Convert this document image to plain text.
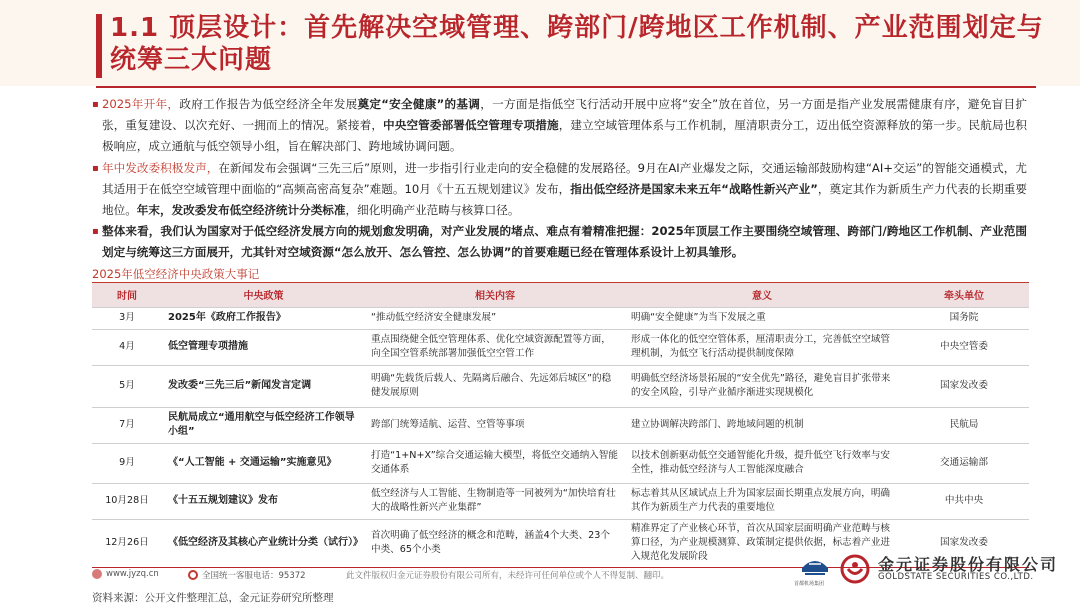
1.1 顶层设计：首先解决空域管理、跨部门/跨地区工作机制、产业范围划定与统筹三大问题

▪ 2025年开年，政府工作报告为低空经济全年发展奠定“安全健康”的基调，一方面是指低空飞行活动开展中应将“安全”放在首位，另一方面是指产业发展需健康有序，避免盲目扩张，重复建设、以次充好、一拥而上的情况。紧接着，中央空管委部署低空管理专项措施，建立空域管理体系与工作机制，厘清职责分工，迈出低空资源释放的第一步。民航局也积极响应，成立通航与低空领导小组，旨在解决部门、跨地域协调问题。

▪ 年中发改委积极发声，在新闻发布会强调“三先三后”原则，进一步指引行业走向的安全稳健的发展路径。9月在AI产业爆发之际，交通运输部鼓励构建“AI+交运”的智能交通模式，尤其适用于在低空空域管理中面临的“高频高密高复杂”难题。10月《十五五规划建议》发布，指出低空经济是国家未来五年“战略性新兴产业”，奠定其作为新质生产力代表的长期重要地位。年末，发改委发布低空经济统计分类标准，细化明确产业范畴与核算口径。

▪ 整体来看，我们认为国家对于低空经济发展方向的规划愈发明确，对产业发展的堵点、难点有着精准把握：2025年顶层工作主要围绕空域管理、跨部门/跨地区工作机制、产业范围划定与统筹这三方面展开，尤其针对空域资源“怎么放开、怎么管控、怎么协调”的首要难题已经在管理体系设计上初具雏形。

2025年低空经济中央政策大事记
时间	中央政策	相关内容	意义	牵头单位
3月	2025年《政府工作报告》	“推动低空经济安全健康发展”	明确“安全健康”为当下发展之重	国务院
4月	低空管理专项措施	重点围绕健全低空管理体系、优化空域资源配置等方面，向全国空管系统部署加强低空空管工作	形成一体化的低空空管体系，厘清职责分工，完善低空空域管理机制，为低空飞行活动提供制度保障	中央空管委
5月	发改委“三先三后”新闻发言定调	明确“先载货后载人、先隔离后融合、先远郊后城区”的稳健发展原则	明确低空经济场景拓展的“安全优先”路径，避免盲目扩张带来的安全风险，引导产业循序渐进实现规模化	国家发改委
7月	民航局成立“通用航空与低空经济工作领导小组”	跨部门统筹适航、运营、空管等事项	建立协调解决跨部门、跨地域问题的机制	民航局
9月	《“人工智能 + 交通运输”实施意见》	打造“1+N+X”综合交通运输大模型，将低空交通纳入智能交通体系	以技术创新驱动低空交通智能化升级，提升低空飞行效率与安全性，推动低空经济与人工智能深度融合	交通运输部
10月28日	《十五五规划建议》发布	低空经济与人工智能、生物制造等一同被列为“加快培育壮大的战略性新兴产业集群”	标志着其从区域试点上升为国家层面长期重点发展方向，明确其作为新质生产力代表的重要地位	中共中央
12月26日	《低空经济及其核心产业统计分类（试行）》	首次明确了低空经济的概念和范畴，涵盖4个大类、23个中类、65个小类	精准界定了产业核心环节，首次从国家层面明确产业范畴与核算口径，为产业规模测算、政策制定提供依据，标志着产业进入规范化发展阶段	国家发改委
www.jyzq.cn	全国统一客服电话：95372	此文件版权归金元证券股份有限公司所有，未经许可任何单位或个人不得复制、翻印。
首都机场集团
金元证券股份有限公司
GOLDSTATE SECURITIES CO.,LTD.
资料来源：公开文件整理汇总，金元证券研究所整理
